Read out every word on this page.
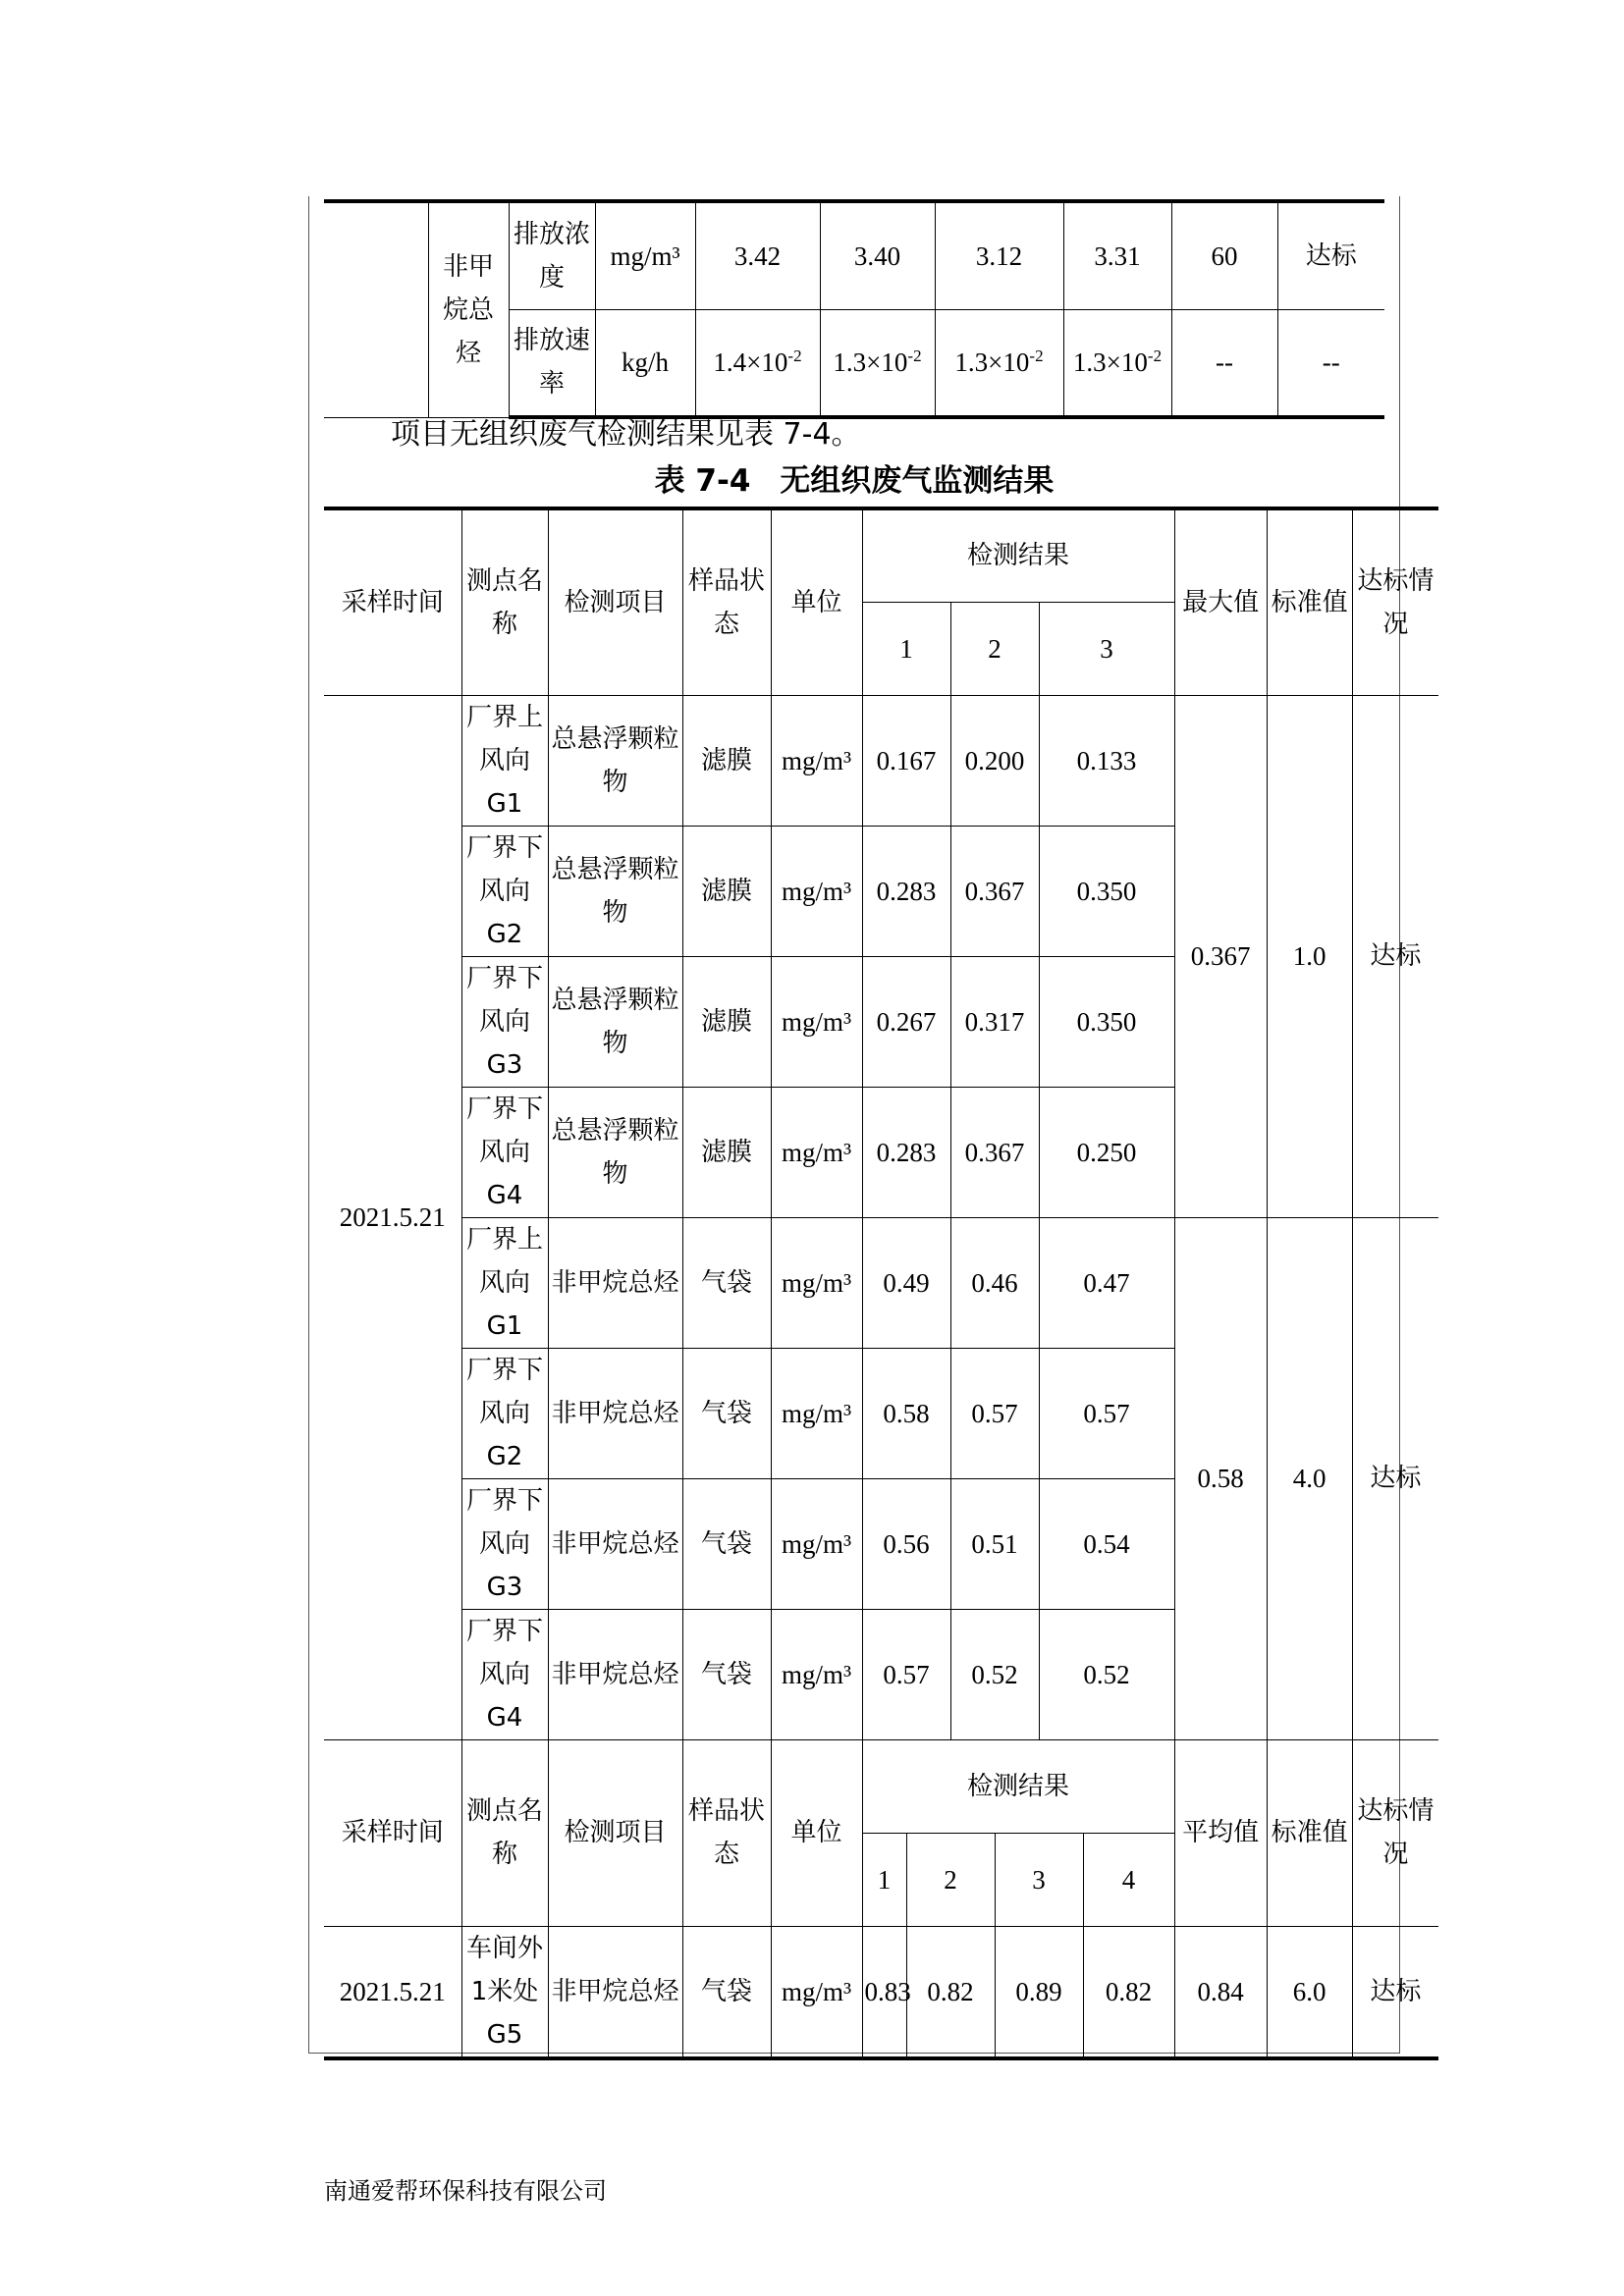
	非甲烷总烃	排放浓度	mg/m³	3.42	3.40	3.12	3.31	60	达标
		排放速率	kg/h	$1.4\times 10^{-2}$	$1.3\times 10^{-2}$	$1.3\times 10^{-2}$	$1.3\times 10^{-2}$	--	--
项目无组织废气检测结果见表 7-4。
表 7-4 无组织废气监测结果
采样时间	测点名称	检测项目	样品状态	单位	检测结果						最大值	标准值	达标情况
					1		2		3				
2021.5.21	厂界上风向G1	总悬浮颗粒物	滤膜	mg/m³	0.167		0.200		0.133		0.367	1.0	达标
	厂界下风向G2	总悬浮颗粒物	滤膜	mg/m³	0.283		0.367		0.350				
	厂界下风向G3	总悬浮颗粒物	滤膜	mg/m³	0.267		0.317		0.350				
	厂界下风向G4	总悬浮颗粒物	滤膜	mg/m³	0.283		0.367		0.250				
	厂界上风向G1	非甲烷总烃	气袋	mg/m³	0.49		0.46		0.47		0.58	4.0	达标
	厂界下风向G2	非甲烷总烃	气袋	mg/m³	0.58		0.57		0.57				
	厂界下风向G3	非甲烷总烃	气袋	mg/m³	0.56		0.51		0.54				
	厂界下风向G4	非甲烷总烃	气袋	mg/m³	0.57		0.52		0.52				
采样时间	测点名称	检测项目	样品状态	单位	检测结果						平均值	标准值	达标情况
					1	2		3		4			
2021.5.21	车间外1米处G5	非甲烷总烃	气袋	mg/m³	0.83	0.82		0.89		0.82	0.84	6.0	达标
南通爱帮环保科技有限公司
